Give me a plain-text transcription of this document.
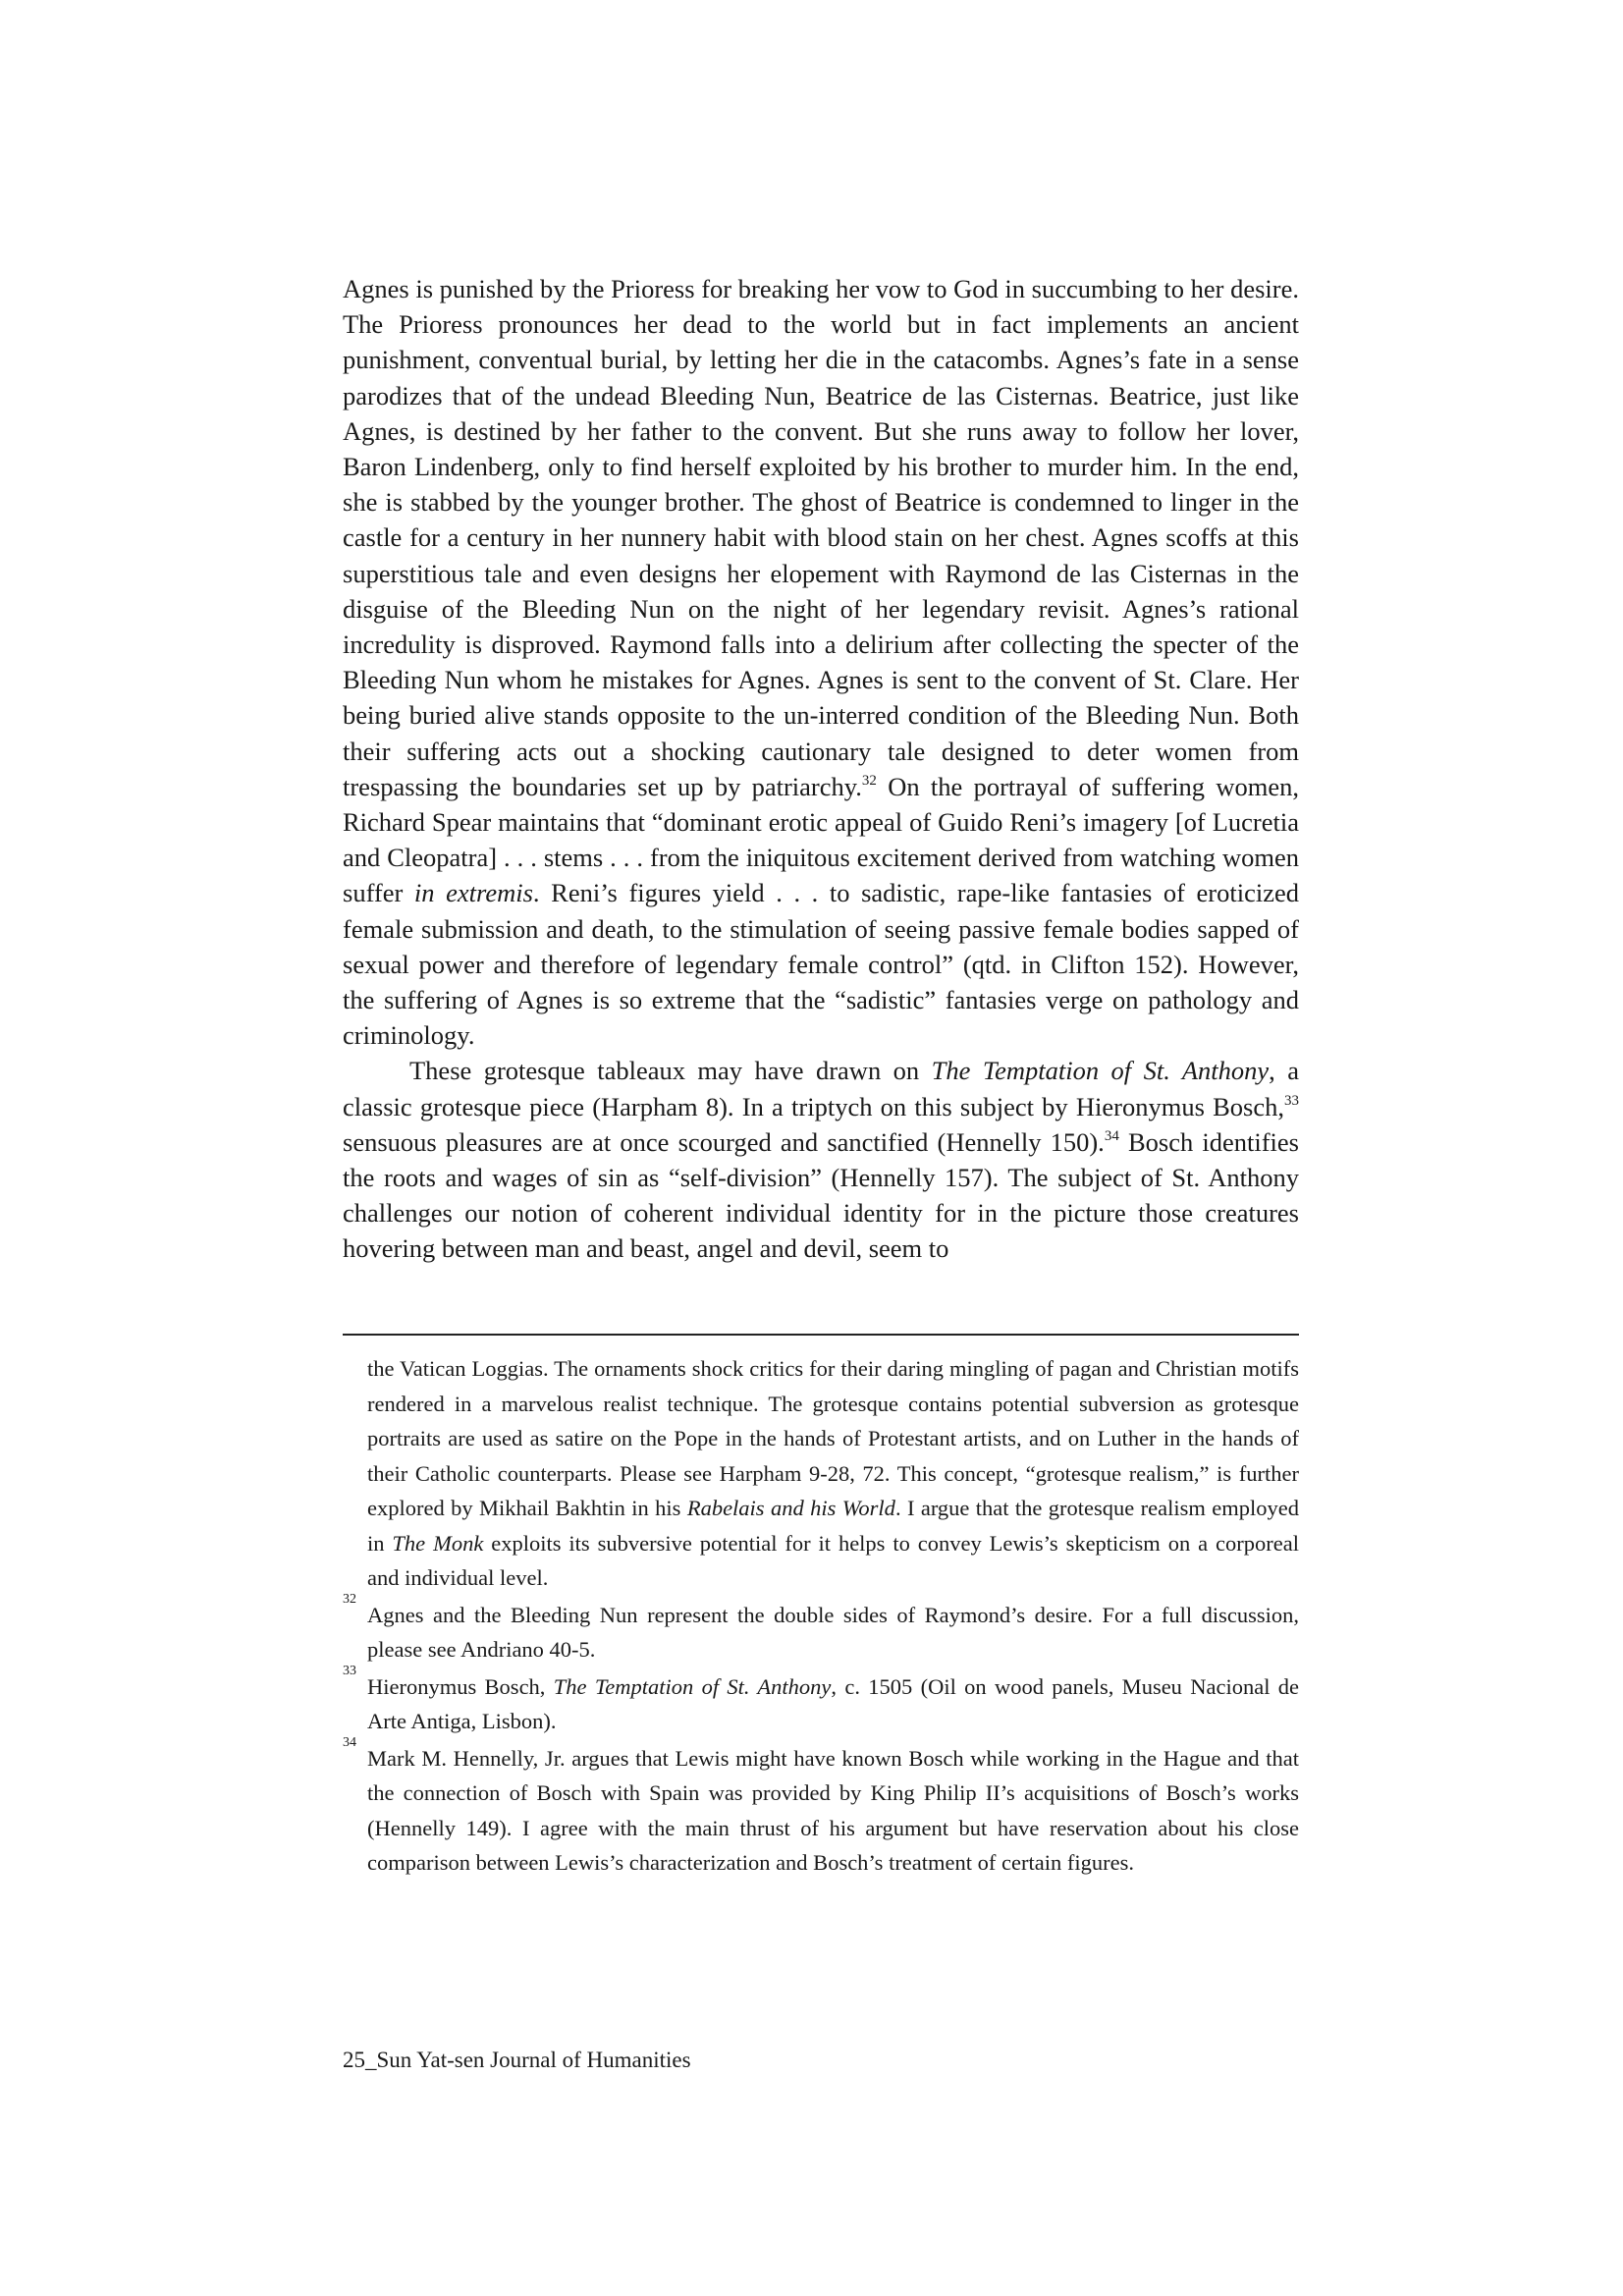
Agnes is punished by the Prioress for breaking her vow to God in succumbing to her desire. The Prioress pronounces her dead to the world but in fact implements an ancient punishment, conventual burial, by letting her die in the catacombs. Agnes’s fate in a sense parodizes that of the undead Bleeding Nun, Beatrice de las Cisternas. Beatrice, just like Agnes, is destined by her father to the convent. But she runs away to follow her lover, Baron Lindenberg, only to find herself exploited by his brother to murder him. In the end, she is stabbed by the younger brother. The ghost of Beatrice is condemned to linger in the castle for a century in her nunnery habit with blood stain on her chest. Agnes scoffs at this superstitious tale and even designs her elopement with Raymond de las Cisternas in the disguise of the Bleeding Nun on the night of her legendary revisit. Agnes’s rational incredulity is disproved. Raymond falls into a delirium after collecting the specter of the Bleeding Nun whom he mistakes for Agnes. Agnes is sent to the convent of St. Clare. Her being buried alive stands opposite to the un-interred condition of the Bleeding Nun. Both their suffering acts out a shocking cautionary tale designed to deter women from trespassing the boundaries set up by patriarchy.$^{32}$ On the portrayal of suffering women, Richard Spear maintains that “dominant erotic appeal of Guido Reni’s imagery [of Lucretia and Cleopatra] . . . stems . . . from the iniquitous excitement derived from watching women suffer in extremis. Reni’s figures yield . . . to sadistic, rape-like fantasies of eroticized female submission and death, to the stimulation of seeing passive female bodies sapped of sexual power and therefore of legendary female control” (qtd. in Clifton 152). However, the suffering of Agnes is so extreme that the “sadistic” fantasies verge on pathology and criminology.

These grotesque tableaux may have drawn on The Temptation of St. Anthony, a classic grotesque piece (Harpham 8). In a triptych on this subject by Hieronymus Bosch,$^{33}$ sensuous pleasures are at once scourged and sanctified (Hennelly 150).$^{34}$ Bosch identifies the roots and wages of sin as “self-division” (Hennelly 157). The subject of St. Anthony challenges our notion of coherent individual identity for in the picture those creatures hovering between man and beast, angel and devil, seem to

the Vatican Loggias. The ornaments shock critics for their daring mingling of pagan and Christian motifs rendered in a marvelous realist technique. The grotesque contains potential subversion as grotesque portraits are used as satire on the Pope in the hands of Protestant artists, and on Luther in the hands of their Catholic counterparts. Please see Harpham 9-28, 72. This concept, “grotesque realism,” is further explored by Mikhail Bakhtin in his Rabelais and his World. I argue that the grotesque realism employed in The Monk exploits its subversive potential for it helps to convey Lewis’s skepticism on a corporeal and individual level.
32
Agnes and the Bleeding Nun represent the double sides of Raymond’s desire. For a full discussion, please see Andriano 40-5.
33
Hieronymus Bosch, The Temptation of St. Anthony, c. 1505 (Oil on wood panels, Museu Nacional de Arte Antiga, Lisbon).
34
Mark M. Hennelly, Jr. argues that Lewis might have known Bosch while working in the Hague and that the connection of Bosch with Spain was provided by King Philip II’s acquisitions of Bosch’s works (Hennelly 149). I agree with the main thrust of his argument but have reservation about his close comparison between Lewis’s characterization and Bosch’s treatment of certain figures.
25_Sun Yat-sen Journal of Humanities
